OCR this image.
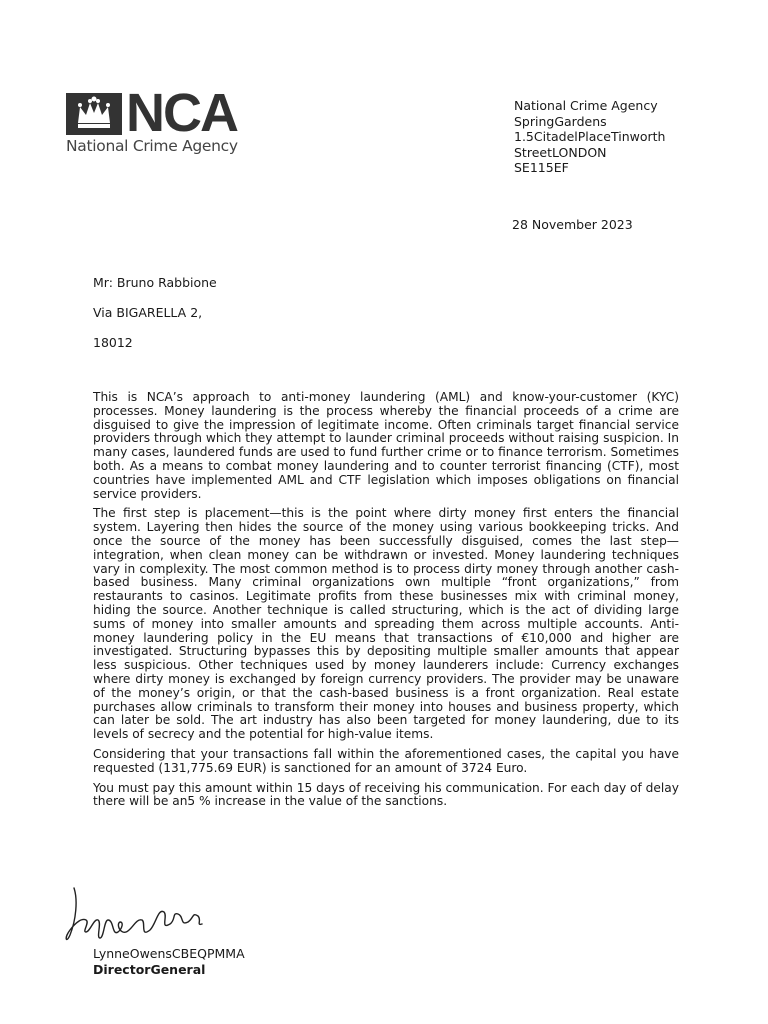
NCA
National Crime Agency
National Crime Agency
SpringGardens
1.5CitadelPlaceTinworth
StreetLONDON
SE115EF
28 November 2023
Mr: Bruno Rabbione
Via BIGARELLA 2,
18012

This is NCA’s approach to anti-money laundering (AML) and know-your-customer (KYC) processes. Money laundering is the process whereby the financial proceeds of a crime are disguised to give the impression of legitimate income. Often criminals target financial service providers through which they attempt to launder criminal proceeds without raising suspicion. In many cases, laundered funds are used to fund further crime or to finance terrorism. Sometimes both. As a means to combat money laundering and to counter terrorist financing (CTF), most countries have implemented AML and CTF legislation which imposes obligations on financial service providers.

The first step is placement—this is the point where dirty money first enters the financial system. Layering then hides the source of the money using various bookkeeping tricks. And once the source of the money has been successfully disguised, comes the last step—integration, when clean money can be withdrawn or invested. Money laundering techniques vary in complexity. The most common method is to process dirty money through another cash-based business. Many criminal organizations own multiple “front organizations,” from restaurants to casinos. Legitimate profits from these businesses mix with criminal money, hiding the source. Another technique is called structuring, which is the act of dividing large sums of money into smaller amounts and spreading them across multiple accounts. Anti-money laundering policy in the EU means that transactions of €10,000 and higher are investigated. Structuring bypasses this by depositing multiple smaller amounts that appear less suspicious. Other techniques used by money launderers include: Currency exchanges where dirty money is exchanged by foreign currency providers. The provider may be unaware of the money’s origin, or that the cash-based business is a front organization. Real estate purchases allow criminals to transform their money into houses and business property, which can later be sold. The art industry has also been targeted for money laundering, due to its levels of secrecy and the potential for high-value items.

Considering that your transactions fall within the aforementioned cases, the capital you have requested (131,775.69 EUR) is sanctioned for an amount of 3724 Euro.

You must pay this amount within 15 days of receiving his communication. For each day of delay there will be an5 % increase in the value of the sanctions.

LynneOwensCBEQPMMA
DirectorGeneral
